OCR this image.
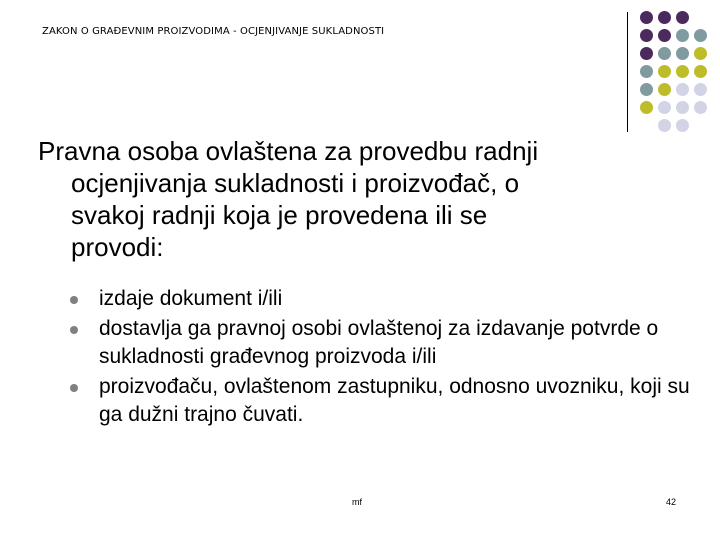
ZAKON O GRAĐEVNIM PROIZVODIMA - OCJENJIVANJE SUKLADNOSTI
Pravna osoba ovlaštena za provedbu radnji
ocjenjivanja sukladnosti i proizvođač, o
svakoj radnji koja je provedena ili se
provodi:
izdaje dokument i/ili
dostavlja ga pravnoj osobi ovlaštenoj za izdavanje potvrde o sukladnosti građevnog proizvoda i/ili
proizvođaču, ovlaštenom zastupniku, odnosno uvozniku, koji su ga dužni trajno čuvati.
mf	42
